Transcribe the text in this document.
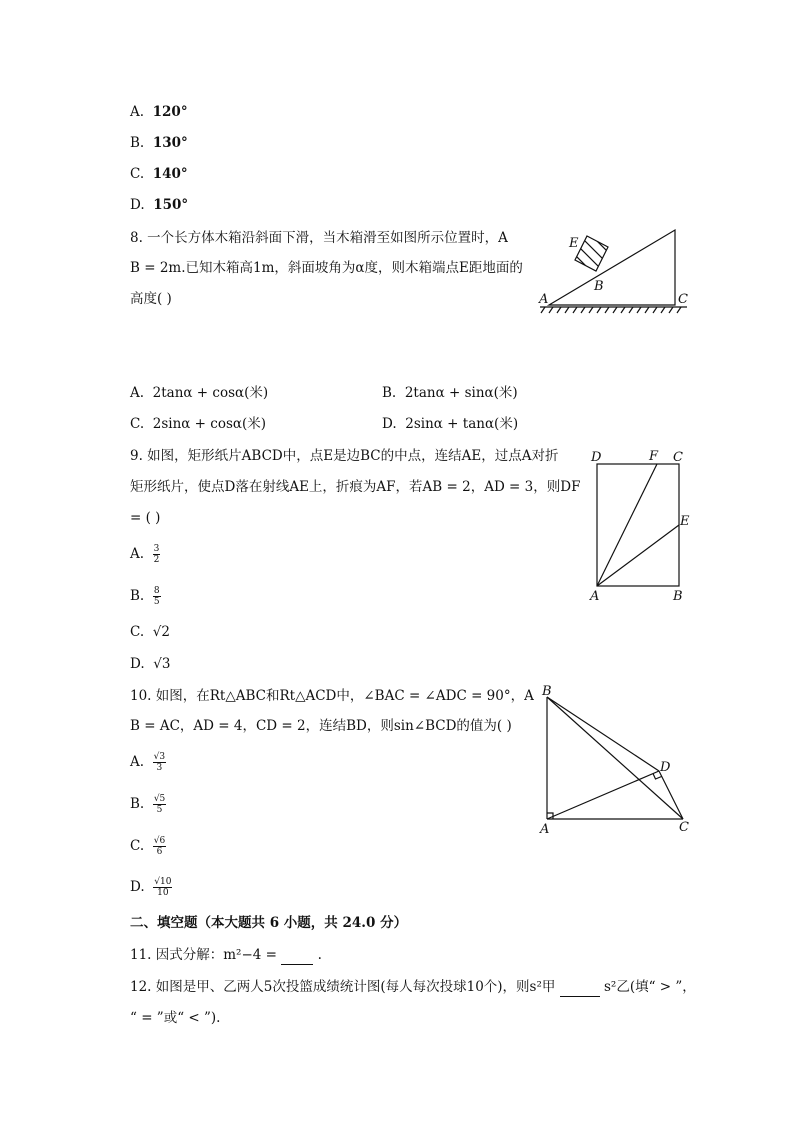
A. 120°
B. 130°
C. 140°
D. 150°
8. 一个长方体木箱沿斜面下滑，当木箱滑至如图所示位置时，A
B = 2m.已知木箱高1m，斜面坡角为α度，则木箱端点E距地面的
高度( )	A
B
C
E
A. 2tanα + cosα(米)	B. 2tanα + sinα(米)
C. 2sinα + cosα(米)	D. 2sinα + tanα(米)
9. 如图，矩形纸片ABCD中，点E是边BC的中点，连结AE，过点A对折
矩形纸片，使点D落在射线AE上，折痕为AF，若AB = 2，AD = 3，则DF
= ( )
A. $\frac{3}{2}$
B. $\frac{8}{5}$
C. √2
D. √3
D	F C
E
A	B
10. 如图，在Rt△ABC和Rt△ACD中，∠BAC = ∠ADC = 90°，A
B = AC，AD = 4，CD = 2，连结BD，则sin∠BCD的值为( )
A. $\frac{√3}{3}$
B. $\frac{√5}{5}$
C. $\frac{√6}{6}$
D. $\frac{√10}{10}$
B
D
A	C
二、填空题（本大题共 6 小题，共 24.0 分）
11. 因式分解：m²−4 =	.
12. 如图是甲、乙两人5次投篮成绩统计图(每人每次投球10个)，则s²甲	s²乙(填“ > ”，
“ = ”或“ < ”).
